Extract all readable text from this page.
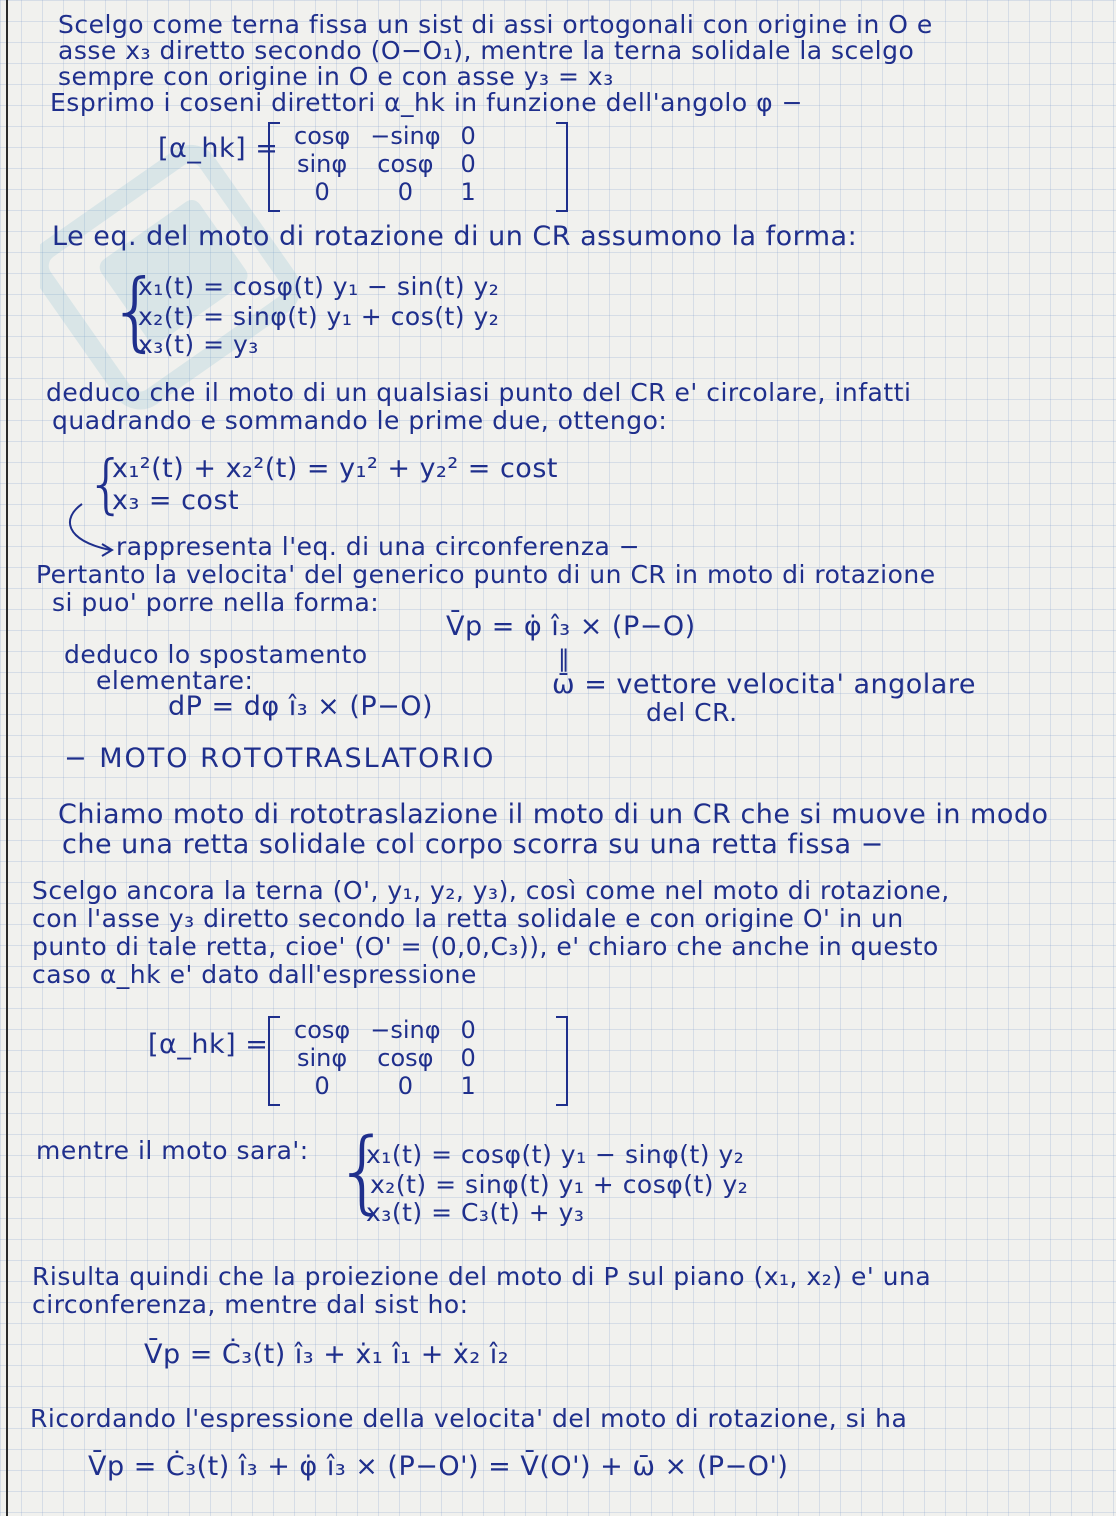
Scelgo come terna fissa un sist di assi ortogonali con origine in O e
asse x₃ diretto secondo (O−O₁), mentre la terna solidale la scelgo
sempre con origine in O e con asse y₃ = x₃
Esprimo i coseni direttori α_hk in funzione dell'angolo φ −
[α_hk] = cosφ	−sinφ	0
sinφ	cosφ	0
0	0	1
Le eq. del moto di rotazione di un CR assumono la forma:
{
x₁(t) = cosφ(t) y₁ − sin(t) y₂
x₂(t) = sinφ(t) y₁ + cos(t) y₂
x₃(t) = y₃
deduco che il moto di un qualsiasi punto del CR e' circolare, infatti
quadrando e sommando le prime due, ottengo:
{
x₁²(t) + x₂²(t) = y₁² + y₂² = cost
x₃ = cost
rappresenta l'eq. di una circonferenza −
Pertanto la velocita' del generico punto di un CR in moto di rotazione
si puo' porre nella forma:
V̄p = φ̇ î₃ × (P−O)
deduco lo spostamento
elementare:
dP = dφ î₃ × (P−O)
‖
ω̄ = vettore velocita' angolare
del CR.
− MOTO ROTOTRASLATORIO
Chiamo moto di rototraslazione il moto di un CR che si muove in modo
che una retta solidale col corpo scorra su una retta fissa −
Scelgo ancora la terna (O', y₁, y₂, y₃), così come nel moto di rotazione,
con l'asse y₃ diretto secondo la retta solidale e con origine O' in un
punto di tale retta, cioe' (O' = (0,0,C₃)), e' chiaro che anche in questo
caso α_hk e' dato dall'espressione
[α_hk] = cosφ	−sinφ	0
sinφ	cosφ	0
0	0	1
mentre il moto sara': {
x₁(t) = cosφ(t) y₁ − sinφ(t) y₂
x₂(t) = sinφ(t) y₁ + cosφ(t) y₂
x₃(t) = C₃(t) + y₃
Risulta quindi che la proiezione del moto di P sul piano (x₁, x₂) e' una
circonferenza, mentre dal sist ho:
V̄p = Ċ₃(t) î₃ + ẋ₁ î₁ + ẋ₂ î₂
Ricordando l'espressione della velocita' del moto di rotazione, si ha
V̄p = Ċ₃(t) î₃ + φ̇ î₃ × (P−O') = V̄(O') + ω̄ × (P−O')
